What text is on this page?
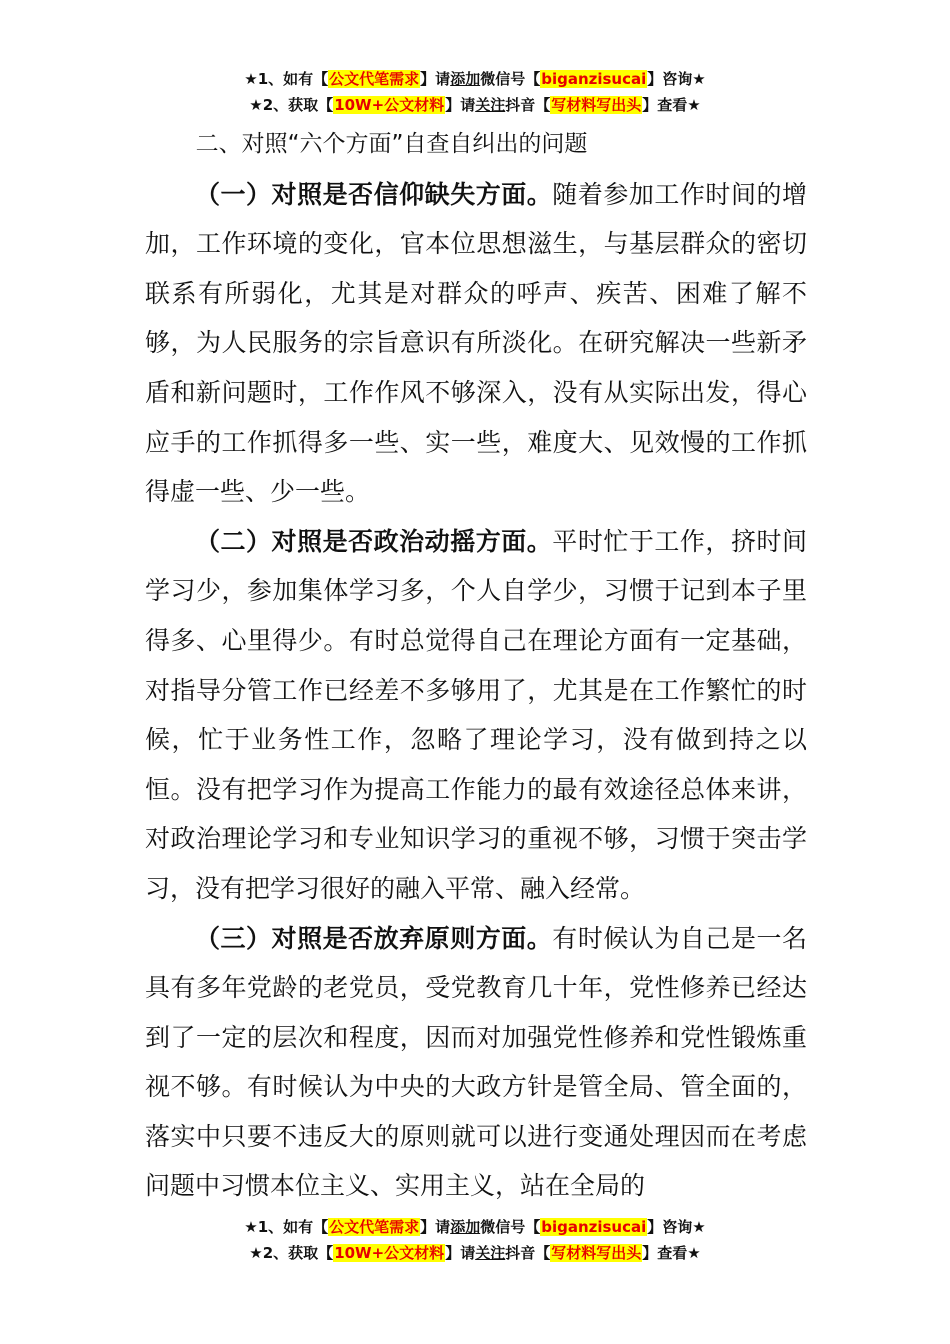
★1、如有【公文代笔需求】请添加微信号【biganzisucai】咨询★
★2、获取【10W+公文材料】请关注抖音【写材料写出头】查看★

二、对照“六个方面”自查自纠出的问题

（一）对照是否信仰缺失方面。随着参加工作时间的增加，工作环境的变化，官本位思想滋生，与基层群众的密切联系有所弱化，尤其是对群众的呼声、疾苦、困难了解不够，为人民服务的宗旨意识有所淡化。在研究解决一些新矛盾和新问题时，工作作风不够深入，没有从实际出发，得心应手的工作抓得多一些、实一些，难度大、见效慢的工作抓得虚一些、少一些。

（二）对照是否政治动摇方面。平时忙于工作，挤时间学习少，参加集体学习多，个人自学少，习惯于记到本子里得多、心里得少。有时总觉得自己在理论方面有一定基础，对指导分管工作已经差不多够用了，尤其是在工作繁忙的时候，忙于业务性工作，忽略了理论学习，没有做到持之以恒。没有把学习作为提高工作能力的最有效途径总体来讲，对政治理论学习和专业知识学习的重视不够，习惯于突击学习，没有把学习很好的融入平常、融入经常。

（三）对照是否放弃原则方面。有时候认为自己是一名具有多年党龄的老党员，受党教育几十年，党性修养已经达到了一定的层次和程度，因而对加强党性修养和党性锻炼重视不够。有时候认为中央的大政方针是管全局、管全面的，落实中只要不违反大的原则就可以进行变通处理因而在考虑问题中习惯本位主义、实用主义，站在全局的

★1、如有【公文代笔需求】请添加微信号【biganzisucai】咨询★
★2、获取【10W+公文材料】请关注抖音【写材料写出头】查看★
